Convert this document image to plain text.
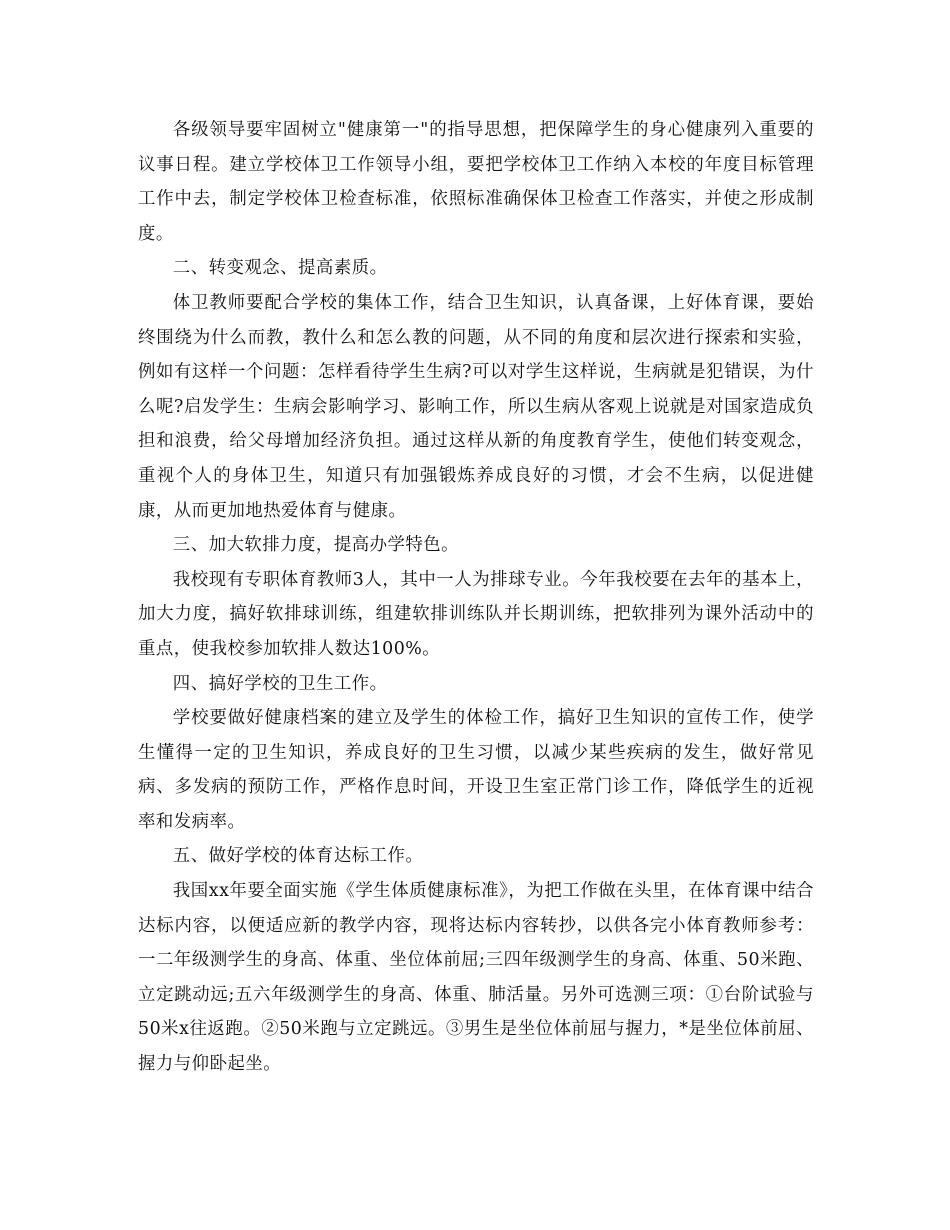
各级领导要牢固树立"健康第一"的指导思想，把保障学生的身心健康列入重要的议事日程。建立学校体卫工作领导小组，要把学校体卫工作纳入本校的年度目标管理工作中去，制定学校体卫检查标准，依照标准确保体卫检查工作落实，并使之形成制度。

二、转变观念、提高素质。

体卫教师要配合学校的集体工作，结合卫生知识，认真备课，上好体育课，要始终围绕为什么而教，教什么和怎么教的问题，从不同的角度和层次进行探索和实验，例如有这样一个问题：怎样看待学生生病?可以对学生这样说，生病就是犯错误，为什么呢?启发学生：生病会影响学习、影响工作，所以生病从客观上说就是对国家造成负担和浪费，给父母增加经济负担。通过这样从新的角度教育学生，使他们转变观念，重视个人的身体卫生，知道只有加强锻炼养成良好的习惯，才会不生病，以促进健康，从而更加地热爱体育与健康。

三、加大软排力度，提高办学特色。

我校现有专职体育教师3人，其中一人为排球专业。今年我校要在去年的基本上，加大力度，搞好软排球训练，组建软排训练队并长期训练，把软排列为课外活动中的重点，使我校参加软排人数达100%。

四、搞好学校的卫生工作。

学校要做好健康档案的建立及学生的体检工作，搞好卫生知识的宣传工作，使学生懂得一定的卫生知识，养成良好的卫生习惯，以减少某些疾病的发生，做好常见病、多发病的预防工作，严格作息时间，开设卫生室正常门诊工作，降低学生的近视率和发病率。

五、做好学校的体育达标工作。

我国xx年要全面实施《学生体质健康标准》，为把工作做在头里，在体育课中结合达标内容，以便适应新的教学内容，现将达标内容转抄，以供各完小体育教师参考：一二年级测学生的身高、体重、坐位体前屈;三四年级测学生的身高、体重、50米跑、立定跳动远;五六年级测学生的身高、体重、肺活量。另外可选测三项：①台阶试验与50米x往返跑。②50米跑与立定跳远。③男生是坐位体前屈与握力，*是坐位体前屈、握力与仰卧起坐。
